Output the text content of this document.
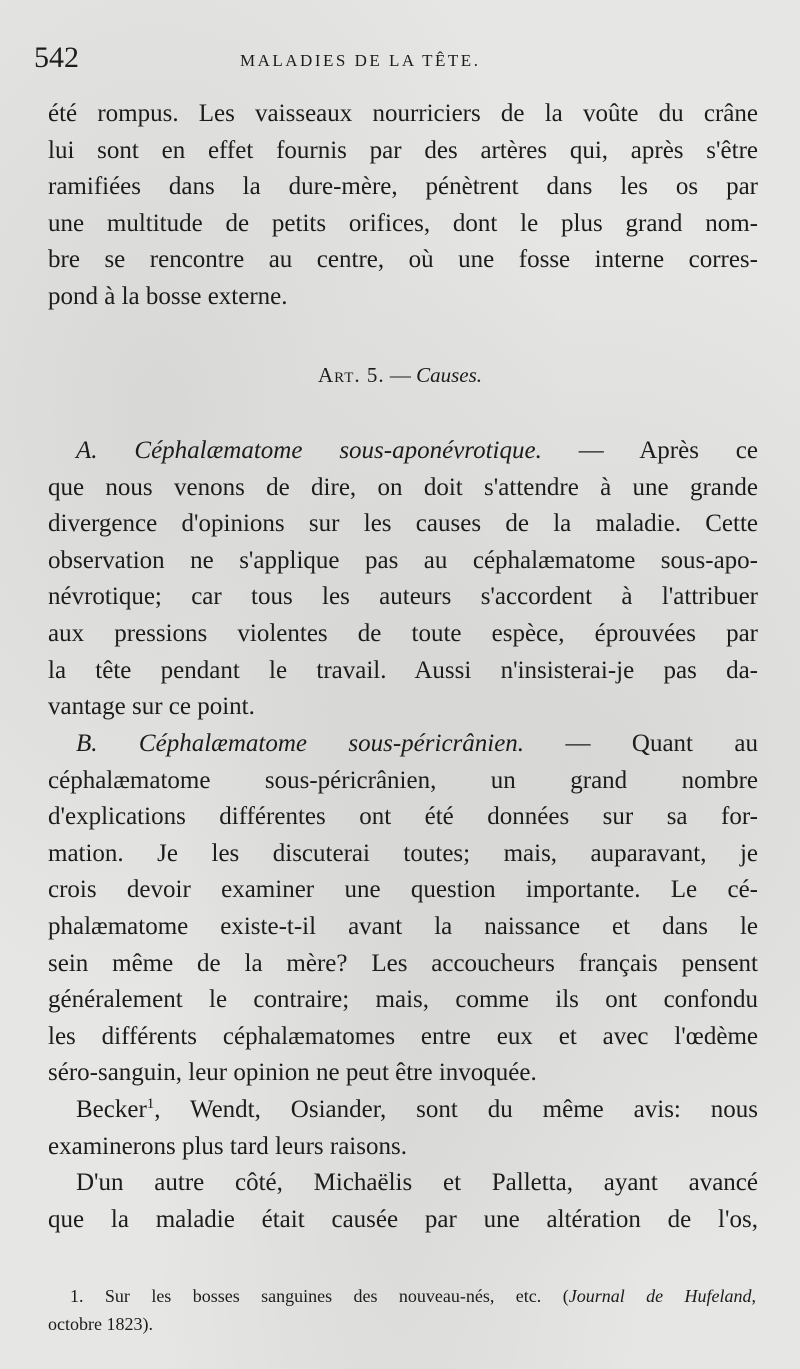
542	MALADIES DE LA TÊTE.
été rompus. Les vaisseaux nourriciers de la voûte du crâne
lui sont en effet fournis par des artères qui, après s'être
ramifiées dans la dure-mère, pénètrent dans les os par
une multitude de petits orifices, dont le plus grand nom-
bre se rencontre au centre, où une fosse interne corres-
pond à la bosse externe.
Art. 5. — Causes.
A. Céphalæmatome sous-aponévrotique. — Après ce
que nous venons de dire, on doit s'attendre à une grande
divergence d'opinions sur les causes de la maladie. Cette
observation ne s'applique pas au céphalæmatome sous-apo-
névrotique; car tous les auteurs s'accordent à l'attribuer
aux pressions violentes de toute espèce, éprouvées par
la tête pendant le travail. Aussi n'insisterai-je pas da-
vantage sur ce point.
B. Céphalæmatome sous-péricrânien. — Quant au
céphalæmatome sous-péricrânien, un grand nombre
d'explications différentes ont été données sur sa for-
mation. Je les discuterai toutes; mais, auparavant, je
crois devoir examiner une question importante. Le cé-
phalæmatome existe-t-il avant la naissance et dans le
sein même de la mère? Les accoucheurs français pensent
généralement le contraire; mais, comme ils ont confondu
les différents céphalæmatomes entre eux et avec l'œdème
séro-sanguin, leur opinion ne peut être invoquée.
Becker$^1$, Wendt, Osiander, sont du même avis: nous
examinerons plus tard leurs raisons.
D'un autre côté, Michaëlis et Palletta, ayant avancé
que la maladie était causée par une altération de l'os,
1. Sur les bosses sanguines des nouveau-nés, etc. (Journal de Hufeland,
octobre 1823).
